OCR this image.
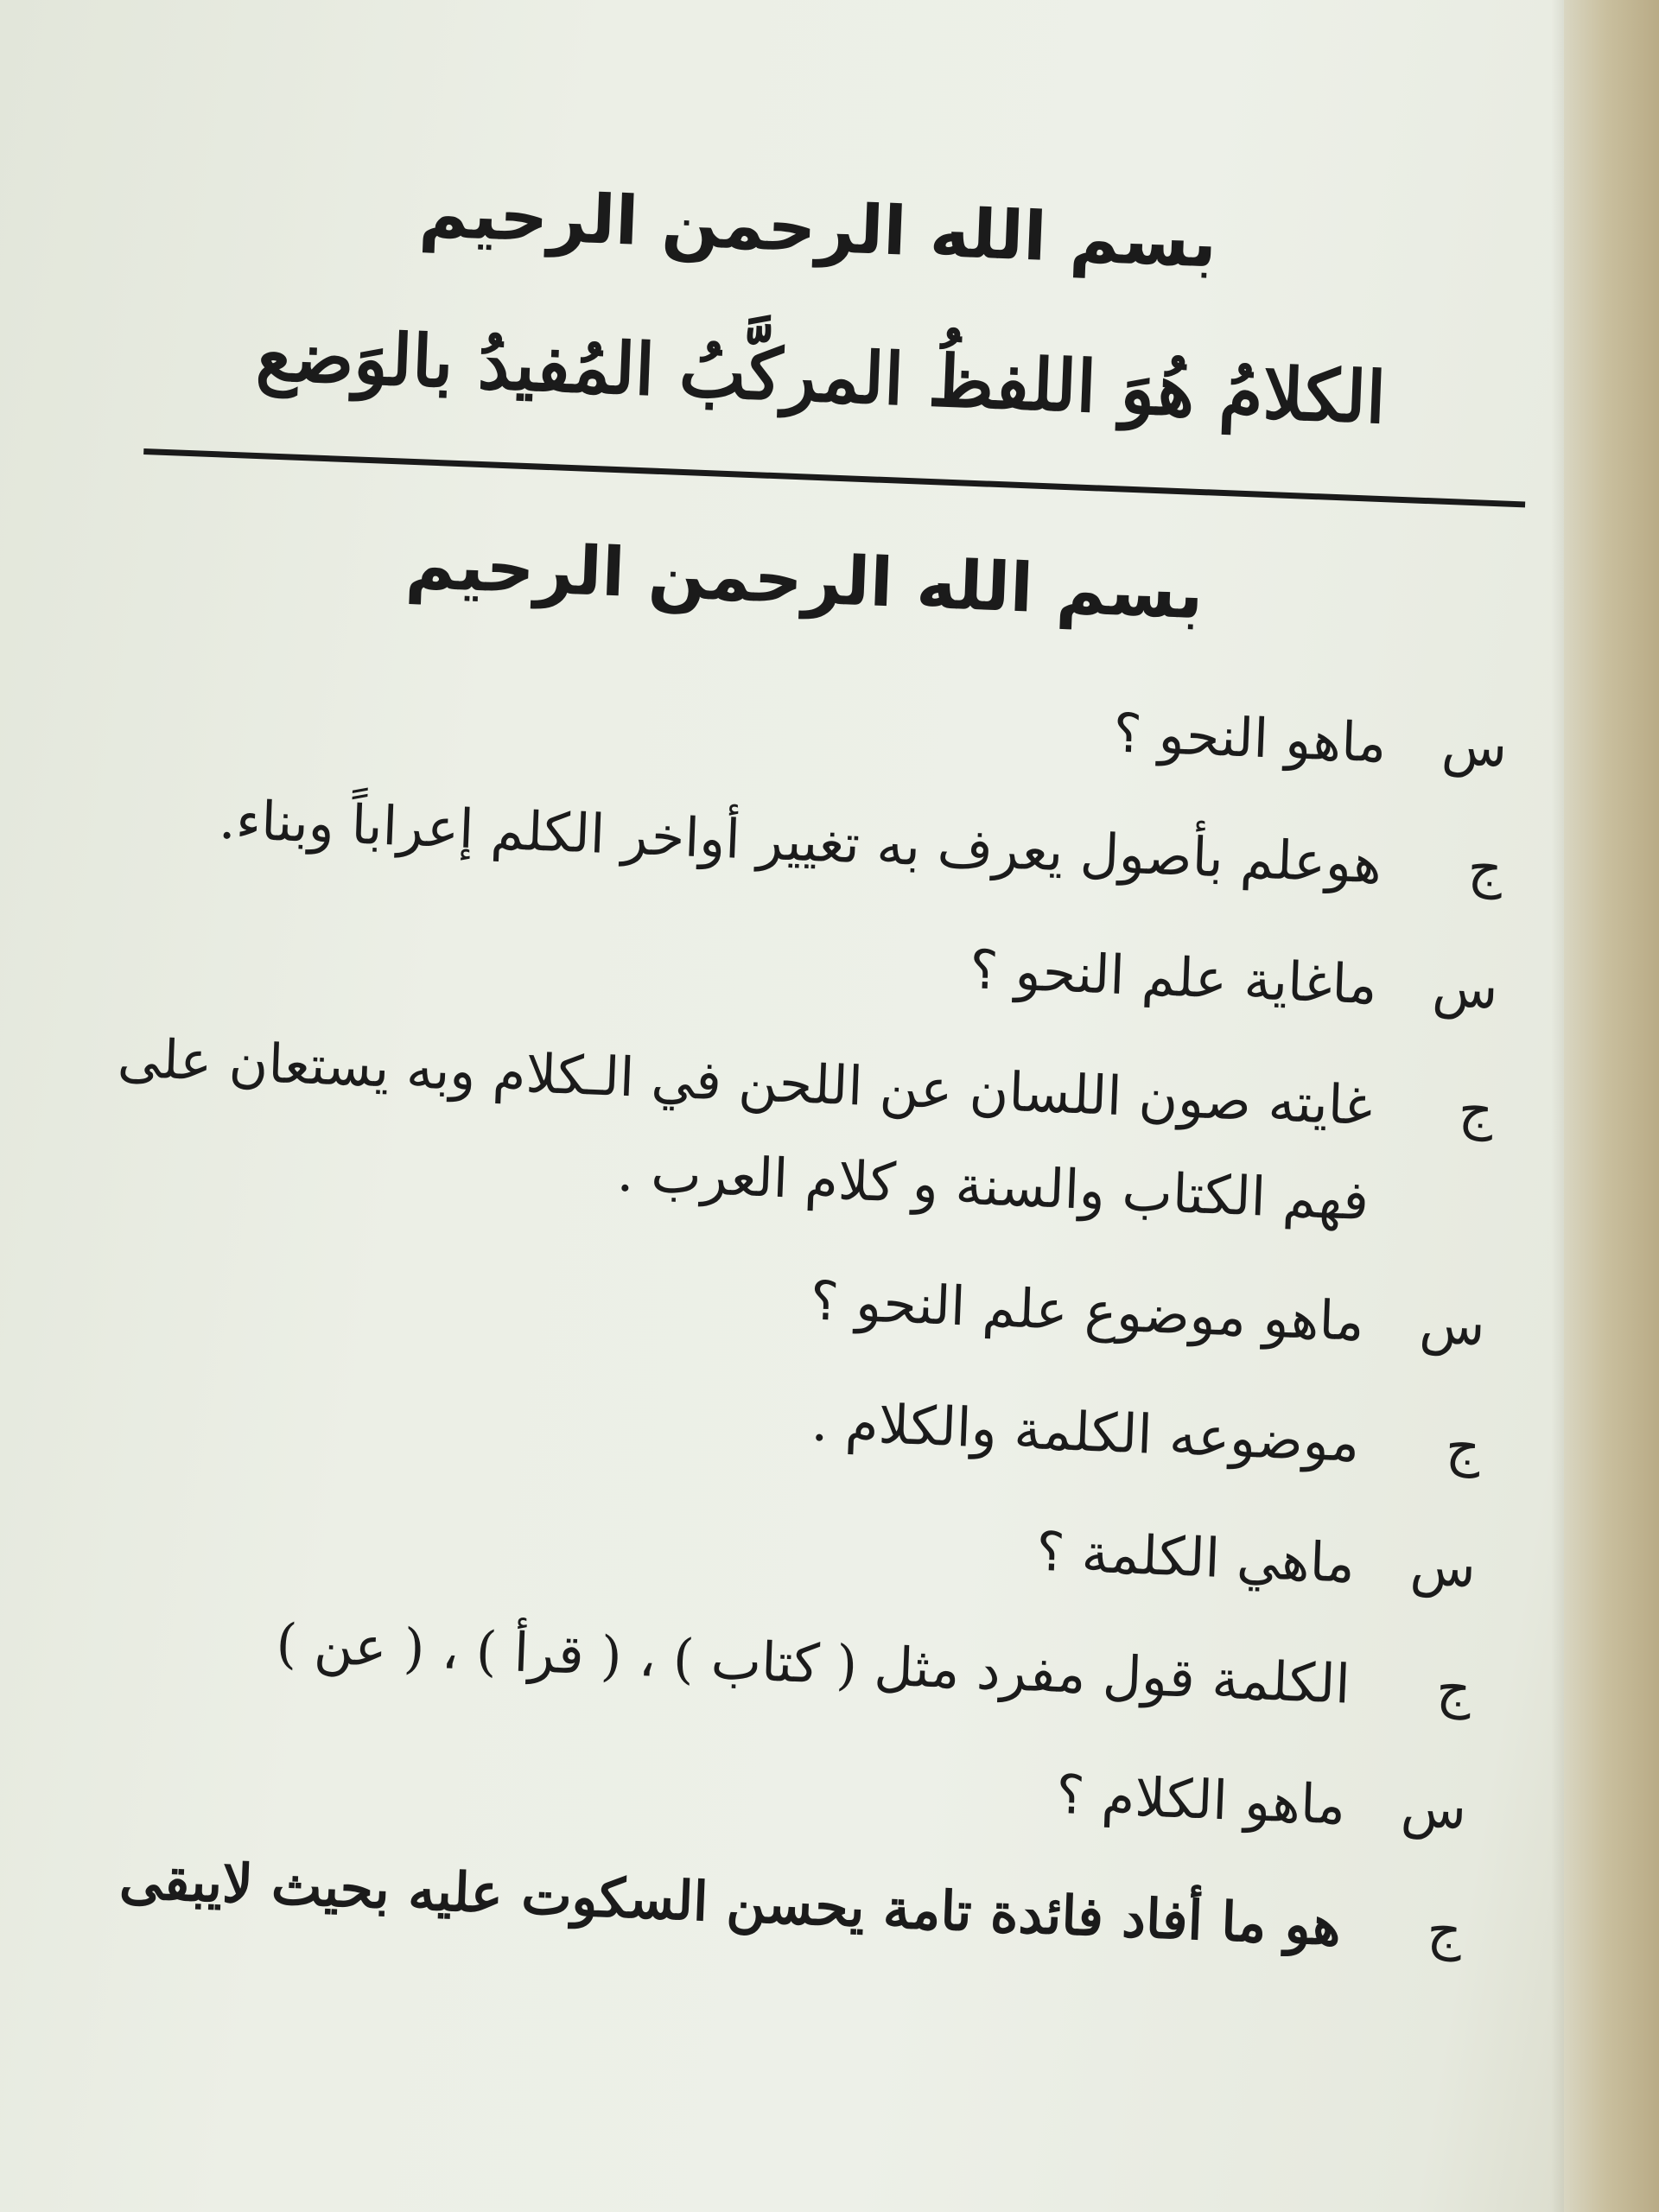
بسم الله الرحمن الرحيم
الكلامُ هُوَ اللفظُ المركَّبُ المُفيدُ بالوَضع
بسم الله الرحمن الرحيم
س
ماهو النحو ؟
ج
هوعلم بأصول يعرف به تغيير أواخر الكلم إعراباً وبناء.
س
ماغاية علم النحو ؟
ج
غايته صون اللسان عن اللحن في الـكلام وبه يستعان على فهم الكتاب والسنة و كلام العرب .
س
ماهو موضوع علم النحو ؟
ج
موضوعه الكلمة والكلام .
س
ماهي الكلمة ؟
ج
الكلمة قول مفرد مثل ( كتاب ) ، ( قرأ ) ، ( عن )
س
ماهو الكلام ؟
ج
هو ما أفاد فائدة تامة يحسن السكوت عليه بحيث لايبقى
